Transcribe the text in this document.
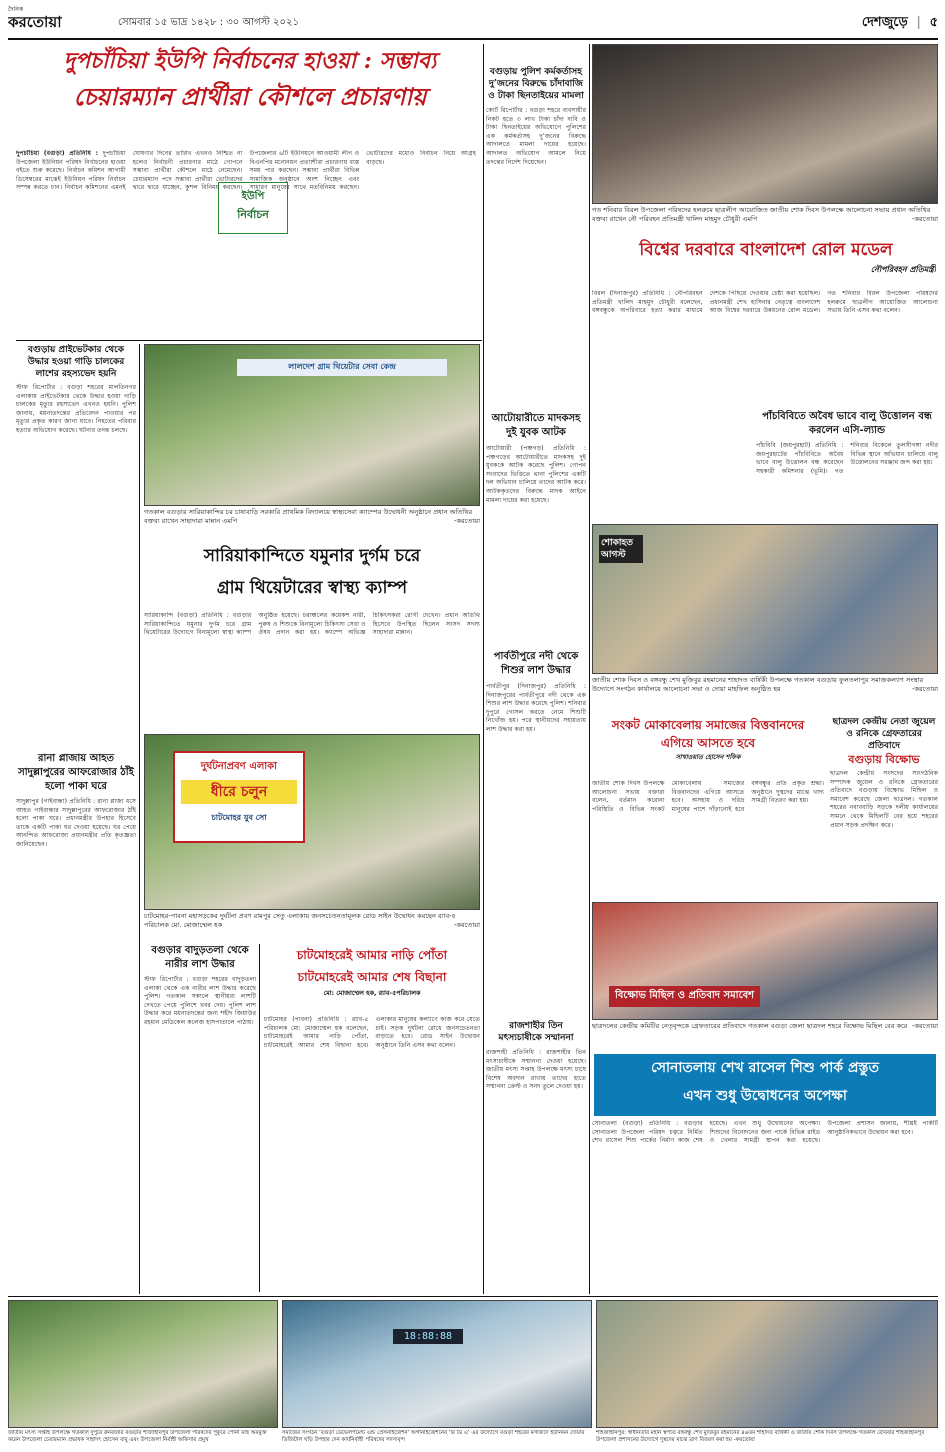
দৈনিক
করতোয়া	সোমবার ১৫ ভাদ্র ১৪২৮ : ৩০ আগস্ট ২০২১	দেশজুড়ে | ৫
দুপচাঁচিয়া ইউপি নির্বাচনের হাওয়া : সম্ভাব্য
চেয়ারম্যান প্রার্থীরা কৌশলে প্রচারণায়
ইউপি
নির্বাচন
দুপচাঁচিয়া (বগুড়া) প্রতিনিধি : দুপচাঁচিয়া উপজেলা ইউনিয়ন পরিষদ নির্বাচনের হাওয়া বইতে শুরু করেছে। নির্বাচন কমিশন আগামী ডিসেম্বরের মাঝেই ইউনিয়ন পরিষদ নির্বাচন সম্পন্ন করতে চান। নির্বাচন কমিশনের এমনই ঘোষণার দিনের তারিখ এখনও নিশ্চিত না হলেও নির্বাচনী প্রচারণার মাঠে গোপনে সম্ভাব্য প্রার্থীরা কৌশলে মাঠে নেমেছেন। চেয়ারম্যান পদে সম্ভাব্য প্রার্থীরা ভোটারদের দ্বারে দ্বারে যাচ্ছেন, কুশল বিনিময় করছেন। উপজেলার ৬টি ইউনিয়নে আওয়ামী লীগ ও বিএনপির মনোনয়ন প্রত্যাশীরা প্রচারণায় ব্যস্ত সময় পার করছেন। সম্ভাব্য প্রার্থীরা বিভিন্ন সামাজিক অনুষ্ঠানে অংশ নিচ্ছেন এবং সাধারণ মানুষের সাথে মতবিনিময় করছেন। ভোটারদের মধ্যেও নির্বাচন নিয়ে আগ্রহ বাড়ছে।
বগুড়ায় পুলিশ কর্মকর্তাসহ দু’জনের বিরুদ্ধে চাঁদাবাজি ও টাকা ছিনতাইয়ের মামলা
কোর্ট রিপোর্টার : বগুড়া শহরে ব্যবসায়ীর নিকট হতে ৩ লাখ টাকা চাঁদা দাবি ও টাকা ছিনতাইয়ের অভিযোগে পুলিশের এক কর্মকর্তাসহ দু’জনের বিরুদ্ধে আদালতে মামলা দায়ের হয়েছে। আদালত অভিযোগ আমলে নিয়ে তদন্তের নির্দেশ দিয়েছেন।
আটোয়ারীতে মাদকসহ দুই যুবক আটক
আটোয়ারী (পঞ্চগড়) প্রতিনিধি : পঞ্চগড়ের আটোয়ারীতে মাদকসহ দুই যুবককে আটক করেছে পুলিশ। গোপন সংবাদের ভিত্তিতে থানা পুলিশের একটি দল অভিযান চালিয়ে তাদের আটক করে। আটককৃতদের বিরুদ্ধে মাদক আইনে মামলা দায়ের করা হয়েছে।
পার্বতীপুরে নদী থেকে শিশুর লাশ উদ্ধার
পার্বতীপুর (দিনাজপুর) প্রতিনিধি : দিনাজপুরের পার্বতীপুরে নদী থেকে এক শিশুর লাশ উদ্ধার করেছে পুলিশ। শনিবার দুপুরে গোসল করতে নেমে শিশুটি নিখোঁজ হয়। পরে স্থানীয়দের সহায়তায় লাশ উদ্ধার করা হয়।
রাজশাহীর তিন মৎস্যচাষীকে সম্মাননা
রাজশাহী প্রতিনিধি : রাজশাহীর তিন মৎস্যচাষীকে সম্মাননা দেওয়া হয়েছে। জাতীয় মৎস্য সপ্তাহ উপলক্ষে মৎস্য চাষে বিশেষ অবদান রাখায় তাদের হাতে সম্মাননা ক্রেস্ট ও সনদ তুলে দেওয়া হয়।
গত শনিবার বিরল উপজেলা পরিষদের হলরুমে ছাত্রলীগ আয়োজিত জাতীয় শোক দিবস উপলক্ষে আলোচনা সভায় প্রধান অতিথির বক্তব্য রাখেন নৌ পরিবহন প্রতিমন্ত্রী খালিদ মাহমুদ চৌধুরী এমপি	-করতোয়া
বিশ্বের দরবারে বাংলাদেশ রোল মডেল
নৌপরিবহন প্রতিমন্ত্রী
বিরল (দিনাজপুর) প্রতিনিধি : নৌপরিবহন প্রতিমন্ত্রী খালিদ মাহমুদ চৌধুরী বলেছেন, বঙ্গবন্ধুকে অপরিবারে হত্যা করার মাধ্যমে দেশকে পিছিয়ে দেওয়ার চেষ্টা করা হয়েছিল। প্রধানমন্ত্রী শেখ হাসিনার নেতৃত্বে বাংলাদেশ আজ বিশ্বের দরবারে উন্নয়নের রোল মডেল। গত শনিবার বিরল উপজেলা পরিষদের হলরুমে ছাত্রলীগ আয়োজিত আলোচনা সভায় তিনি এসব কথা বলেন।
পাঁচবিবিতে অবৈধ ভাবে বালু উত্তোলন বন্ধ করলেন এসি-ল্যান্ড
পাঁচবিবি (জয়পুরহাট) প্রতিনিধি : জয়পুরহাটের পাঁচবিবিতে অবৈধ ভাবে বালু উত্তোলন বন্ধ করেছেন সহকারী কমিশনার (ভূমি)। গত শনিবার বিকেলে তুলসীগঙ্গা নদীর বিভিন্ন স্থানে অভিযান চালিয়ে বালু উত্তোলনের সরঞ্জাম জব্দ করা হয়।
শোকাহত আগস্ট
জাতীয় শোক দিবস ও বঙ্গবন্ধু শেখ মুজিবুর রহমানের শাহাদত বার্ষিকী উপলক্ষে গতকাল বগুড়ায় ফুলতলাপুর সমাজকল্যাণ সংস্থার উদ্যোগে সংগঠন কার্যালয়ে আলোচনা সভা ও দোয়া মাহফিল অনুষ্ঠিত হয়	-করতোয়া
সংকট মোকাবেলায় সমাজের বিত্তবানদের
এগিয়ে আসতে হবে
সাখাওয়াত হোসেন শফিক
জাতীয় শোক দিবস উপলক্ষে আলোচনা সভায় বক্তারা বলেন, বর্তমান করোনা পরিস্থিতি ও বিভিন্ন সংকট মোকাবেলায় সমাজের বিত্তবানদের এগিয়ে আসতে হবে। অসহায় ও দরিদ্র মানুষের পাশে দাঁড়ানোই হবে বঙ্গবন্ধুর প্রতি প্রকৃত শ্রদ্ধা। অনুষ্ঠানে দুস্থদের মাঝে খাদ্য সামগ্রী বিতরণ করা হয়।
ছাত্রদল কেন্দ্রীয় নেতা জুয়েল ও রনিকে গ্রেফতারের প্রতিবাদে
বগুড়ায় বিক্ষোভ
ছাত্রদল কেন্দ্রীয় সংসদের সাংগঠনিক সম্পাদক জুয়েল ও রনিকে গ্রেফতারের প্রতিবাদে বগুড়ায় বিক্ষোভ মিছিল ও সমাবেশ করেছে জেলা ছাত্রদল। গতকাল শহরের নবাববাড়ি সড়কে দলীয় কার্যালয়ের সামনে থেকে মিছিলটি বের হয়ে শহরের প্রধান সড়ক প্রদক্ষিণ করে।
বিক্ষোভ মিছিল ও প্রতিবাদ সমাবেশ
ছাত্রদলের কেন্দ্রীয় কমিটির নেতৃবৃন্দকে গ্রেফতারের প্রতিবাদে গতকাল বগুড়া জেলা ছাত্রদল শহরে বিক্ষোভ মিছিল বের করে -করতোয়া
সোনাতলায় শেখ রাসেল শিশু পার্ক প্রস্তুত
এখন শুধু উদ্বোধনের অপেক্ষা
সোনাতলা (বগুড়া) প্রতিনিধি : বগুড়ার সোনাতলা উপজেলা পরিষদ চত্বরে নির্মিত শেখ রাসেল শিশু পার্কের নির্মাণ কাজ শেষ হয়েছে। এখন শুধু উদ্বোধনের অপেক্ষা। শিশুদের বিনোদনের জন্য পার্কে বিভিন্ন রাইড ও খেলার সামগ্রী স্থাপন করা হয়েছে। উপজেলা প্রশাসন জানায়, শীঘ্রই পার্কটি আনুষ্ঠানিকভাবে উদ্বোধন করা হবে।
বগুড়ায় প্রাইভেটকার থেকে উদ্ধার হওয়া গাড়ি চালকের লাশের রহস্যভেদ হয়নি
স্টাফ রিপোর্টার : বগুড়া শহরের মালতিনগর এলাকায় প্রাইভেটকার থেকে উদ্ধার হওয়া গাড়ি চালকের মৃত্যুর রহস্যভেদ এখনও হয়নি। পুলিশ জানায়, ময়নাতদন্তের প্রতিবেদন পাওয়ার পর মৃত্যুর প্রকৃত কারণ জানা যাবে। নিহতের পরিবার হত্যার অভিযোগ করেছে। ঘটনার তদন্ত চলছে।
রানা প্লাজায় আহত সাদুল্লাপুরের আফরোজার ঠাঁই হলো পাকা ঘরে
সাদুল্লাপুর (গাইবান্ধা) প্রতিনিধি : রানা প্লাজা ধসে আহত গাইবান্ধার সাদুল্লাপুরের আফরোজার ঠাঁই হলো পাকা ঘরে। প্রধানমন্ত্রীর উপহার হিসেবে তাকে একটি পাকা ঘর দেওয়া হয়েছে। ঘর পেয়ে আনন্দিত আফরোজা প্রধানমন্ত্রীর প্রতি কৃতজ্ঞতা জানিয়েছেন।
লালদেশ গ্রাম থিয়েটার সেবা কেন্দ্র
গতকাল বগুড়ার সারিয়াকান্দির চর চাষাবাড়ি সরকারি প্রাথমিক বিদ্যালয়ে স্বাস্থ্যসেবা ক্যাম্পের উদ্বোধনী অনুষ্ঠানে প্রধান অতিথির বক্তব্য রাখেন সাহাদারা মান্নান এমপি	-করতোয়া
সারিয়াকান্দিতে যমুনার দুর্গম চরে
গ্রাম থিয়েটারের স্বাস্থ্য ক্যাম্প
সারিয়াকান্দি (বগুড়া) প্রতিনিধি : বগুড়ার সারিয়াকান্দিতে যমুনার দুর্গম চরে গ্রাম থিয়েটারের উদ্যোগে বিনামূল্যে স্বাস্থ্য ক্যাম্প অনুষ্ঠিত হয়েছে। চরাঞ্চলের কয়েকশ নারী, পুরুষ ও শিশুকে বিনামূল্যে চিকিৎসা সেবা ও ঔষধ প্রদান করা হয়। ক্যাম্পে অভিজ্ঞ চিকিৎসকরা রোগী দেখেন। প্রধান অতিথি হিসেবে উপস্থিত ছিলেন সংসদ সদস্য সাহাদারা মান্নান।
দুর্ঘটনাপ্রবণ এলাকা
ধীরে চলুন
চাটমোহর যুব সো
চাটমোহর-পাবনা মহাসড়কের দুর্ঘটনা প্রবণ রামপুর সেতু এলাকায় জনসচেতনতামূলক রোড সাইন উদ্বোধন করছেন র‌্যাব-৫ পরিচালক মো. মোজাম্মেল হক	-করতোয়া
বগুড়ার বাদুড়তলা থেকে নারীর লাশ উদ্ধার
স্টাফ রিপোর্টার : বগুড়া শহরের বাদুড়তলা এলাকা থেকে এক নারীর লাশ উদ্ধার করেছে পুলিশ। গতকাল সকালে স্থানীয়রা লাশটি দেখতে পেয়ে পুলিশে খবর দেয়। পুলিশ লাশ উদ্ধার করে ময়নাতদন্তের জন্য শহীদ জিয়াউর রহমান মেডিকেল কলেজ হাসপাতালে পাঠায়।
চাটমোহরেই আমার নাড়ি পোঁতা
চাটমোহরেই আমার শেষ বিছানা
মো: মোজাম্মেল হক, র‌্যাব-৫পরিচালক
চাটমোহর (পাবনা) প্রতিনিধি : র‌্যাব-৫ পরিচালক মো: মোজাম্মেল হক বলেছেন, চাটমোহরেই আমার নাড়ি পোঁতা, চাটমোহরেই আমার শেষ বিছানা হবে। এলাকার মানুষের কল্যাণে কাজ করে যেতে চাই। সড়ক দুর্ঘটনা রোধে জনসচেতনতা বাড়াতে হবে। রোড সাইন উদ্বোধন অনুষ্ঠানে তিনি এসব কথা বলেন।
18:88:88
জাতীয় মৎস্য সপ্তাহ উপলক্ষে গতকাল দুপুরে রুনবজার বগুড়ার শাজাহানপুর উপজেলা পরিষদের পুকুরে পোনা মাছ অবমুক্ত করেন উপজেলা চেয়ারম্যান প্রভাষক সাহাদৎ হোসেন বাবু এবং উপজেলা নির্বাহী অফিসার প্রমুখ
সমাজের সংগঠন ‘বগুড়া ডেভেলপমেন্ট এন্ড প্রেসনাইজেশন’ অর্গানাইজেশনের ‘রি ডি এ’ এর উদ্যোগে বগুড়া শহরের মসজিদে ইউনিয়ন দোয়ার ডিজিটাল ঘড়ি উপহার দেন কার্যনির্বাহী পরিষদের সদস্যবৃন্দ
শাহজাহানপুর: স্বাধীনতার মহান স্থপতি বঙ্গবন্ধু শেখ মুজিবুর রহমানের ৪৬তম শাহাদত বার্ষিকী ও জাতীয় শোক দিবস উপলক্ষে গতকাল রোববার শাহজাহানপুর উপজেলা প্রশাসনের উদ্যোগে দুস্থদের মাঝে ত্রাণ বিতরণ করা হয় -করতোয়া
